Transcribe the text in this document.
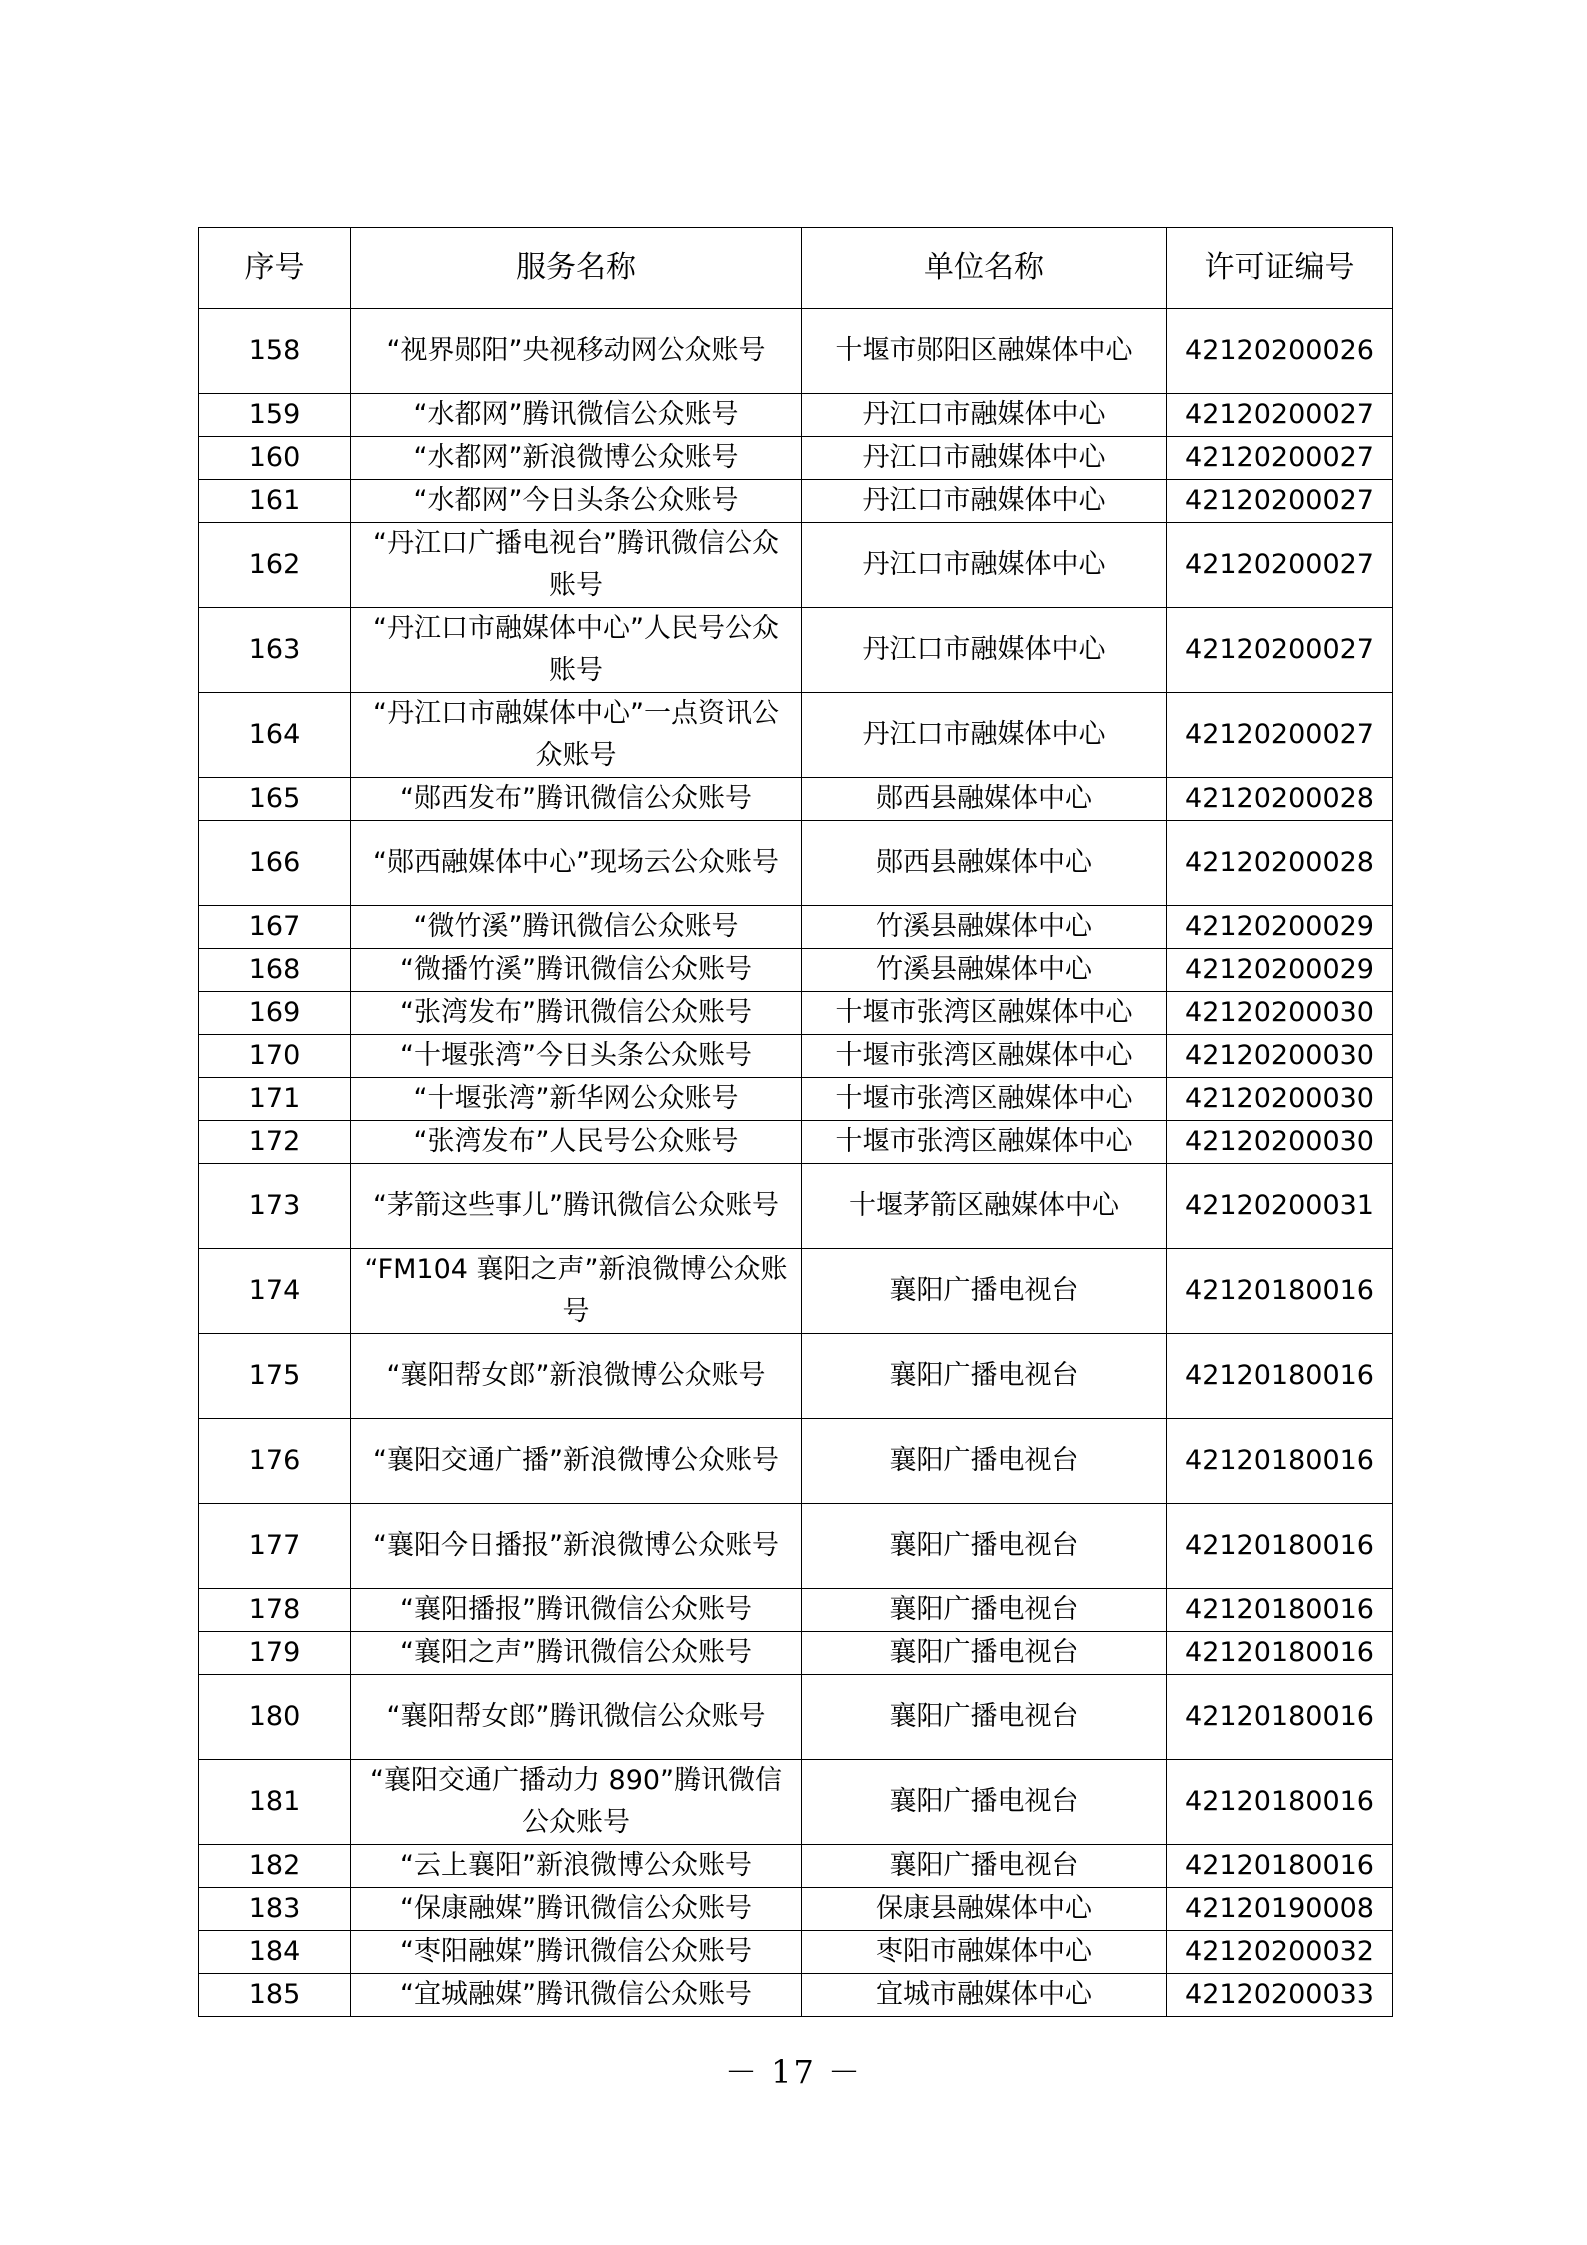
序号	服务名称	单位名称	许可证编号
158	“视界郧阳”央视移动网公众账号	十堰市郧阳区融媒体中心	42120200026
159	“水都网”腾讯微信公众账号	丹江口市融媒体中心	42120200027
160	“水都网”新浪微博公众账号	丹江口市融媒体中心	42120200027
161	“水都网”今日头条公众账号	丹江口市融媒体中心	42120200027
162	“丹江口广播电视台”腾讯微信公众账号	丹江口市融媒体中心	42120200027
163	“丹江口市融媒体中心”人民号公众账号	丹江口市融媒体中心	42120200027
164	“丹江口市融媒体中心”一点资讯公众账号	丹江口市融媒体中心	42120200027
165	“郧西发布”腾讯微信公众账号	郧西县融媒体中心	42120200028
166	“郧西融媒体中心”现场云公众账号	郧西县融媒体中心	42120200028
167	“微竹溪”腾讯微信公众账号	竹溪县融媒体中心	42120200029
168	“微播竹溪”腾讯微信公众账号	竹溪县融媒体中心	42120200029
169	“张湾发布”腾讯微信公众账号	十堰市张湾区融媒体中心	42120200030
170	“十堰张湾”今日头条公众账号	十堰市张湾区融媒体中心	42120200030
171	“十堰张湾”新华网公众账号	十堰市张湾区融媒体中心	42120200030
172	“张湾发布”人民号公众账号	十堰市张湾区融媒体中心	42120200030
173	“茅箭这些事儿”腾讯微信公众账号	十堰茅箭区融媒体中心	42120200031
174	“FM104 襄阳之声”新浪微博公众账号	襄阳广播电视台	42120180016
175	“襄阳帮女郎”新浪微博公众账号	襄阳广播电视台	42120180016
176	“襄阳交通广播”新浪微博公众账号	襄阳广播电视台	42120180016
177	“襄阳今日播报”新浪微博公众账号	襄阳广播电视台	42120180016
178	“襄阳播报”腾讯微信公众账号	襄阳广播电视台	42120180016
179	“襄阳之声”腾讯微信公众账号	襄阳广播电视台	42120180016
180	“襄阳帮女郎”腾讯微信公众账号	襄阳广播电视台	42120180016
181	“襄阳交通广播动力 890”腾讯微信公众账号	襄阳广播电视台	42120180016
182	“云上襄阳”新浪微博公众账号	襄阳广播电视台	42120180016
183	“保康融媒”腾讯微信公众账号	保康县融媒体中心	42120190008
184	“枣阳融媒”腾讯微信公众账号	枣阳市融媒体中心	42120200032
185	“宜城融媒”腾讯微信公众账号	宜城市融媒体中心	42120200033
－ 17 －
